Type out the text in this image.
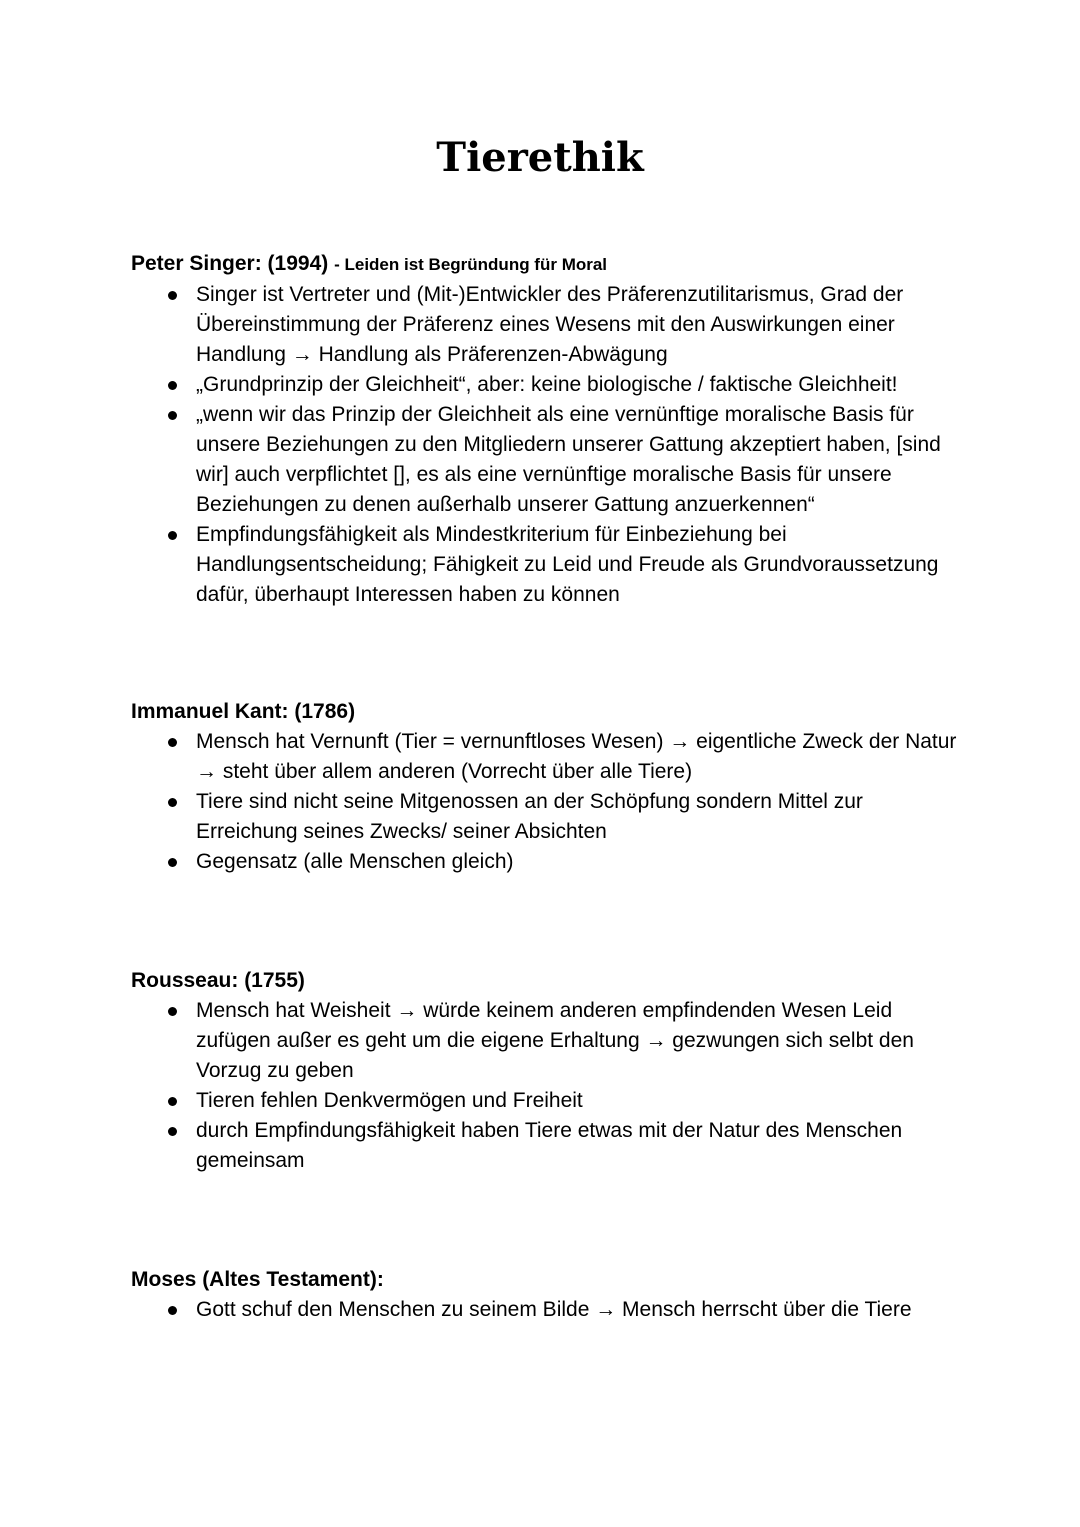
Tierethik

Peter Singer: (1994) - Leiden ist Begründung für Moral

Singer ist Vertreter und (Mit-)Entwickler des Präferenzutilitarismus, Grad der Übereinstimmung der Präferenz eines Wesens mit den Auswirkungen einer Handlung → Handlung als Präferenzen-Abwägung
„Grundprinzip der Gleichheit“, aber: keine biologische / faktische Gleichheit!
„wenn wir das Prinzip der Gleichheit als eine vernünftige moralische Basis für unsere Beziehungen zu den Mitgliedern unserer Gattung akzeptiert haben, [sind wir] auch verpflichtet [], es als eine vernünftige moralische Basis für unsere Beziehungen zu denen außerhalb unserer Gattung anzuerkennen“
Empfindungsfähigkeit als Mindestkriterium für Einbeziehung bei Handlungsentscheidung; Fähigkeit zu Leid und Freude als Grundvoraussetzung dafür, überhaupt Interessen haben zu können

Immanuel Kant: (1786)

Mensch hat Vernunft (Tier = vernunftloses Wesen) → eigentliche Zweck der Natur → steht über allem anderen (Vorrecht über alle Tiere)
Tiere sind nicht seine Mitgenossen an der Schöpfung sondern Mittel zur Erreichung seines Zwecks/ seiner Absichten
Gegensatz (alle Menschen gleich)

Rousseau: (1755)

Mensch hat Weisheit → würde keinem anderen empfindenden Wesen Leid zufügen außer es geht um die eigene Erhaltung → gezwungen sich selbt den Vorzug zu geben
Tieren fehlen Denkvermögen und Freiheit
durch Empfindungsfähigkeit haben Tiere etwas mit der Natur des Menschen gemeinsam

Moses (Altes Testament):

Gott schuf den Menschen zu seinem Bilde → Mensch herrscht über die Tiere
